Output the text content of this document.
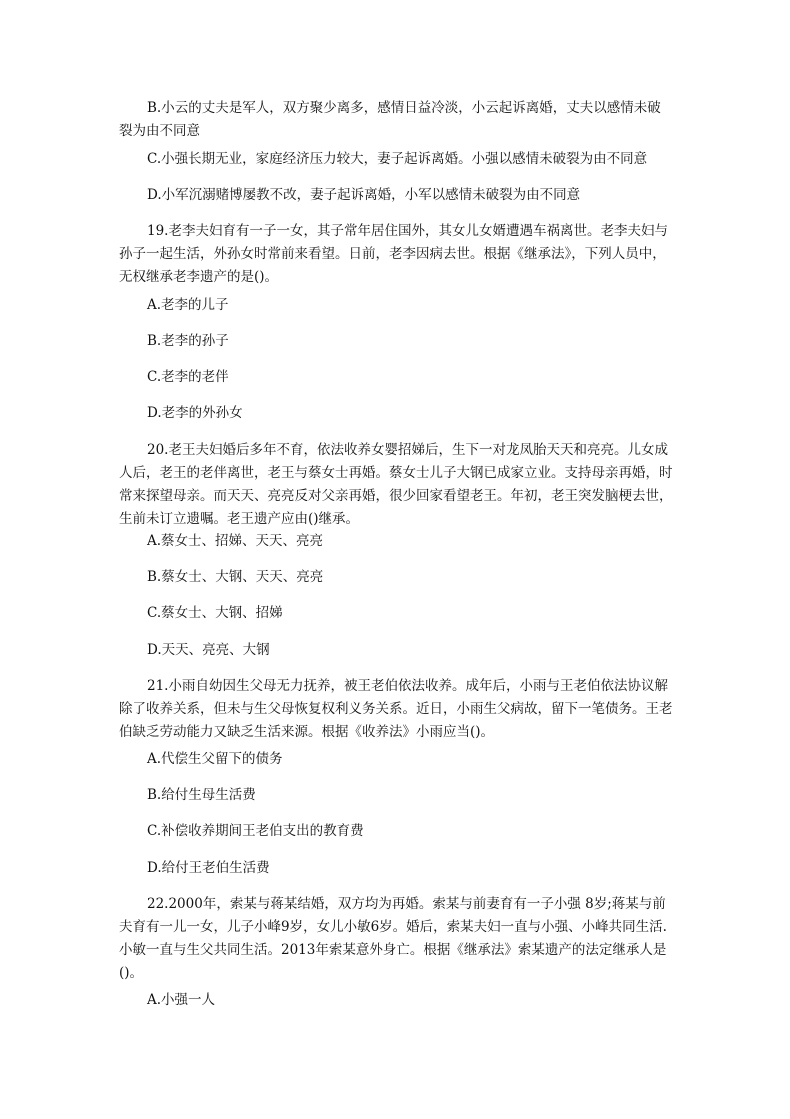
B.小云的丈夫是军人，双方聚少离多，感情日益冷淡，小云起诉离婚，丈夫以感情未破裂为由不同意

C.小强长期无业，家庭经济压力较大，妻子起诉离婚。小强以感情未破裂为由不同意

D.小军沉溺赌博屡教不改，妻子起诉离婚，小军以感情未破裂为由不同意

19.老李夫妇育有一子一女，其子常年居住国外，其女儿女婿遭遇车祸离世。老李夫妇与孙子一起生活，外孙女时常前来看望。日前，老李因病去世。根据《继承法》，下列人员中，无权继承老李遗产的是()。

A.老李的儿子

B.老李的孙子

C.老李的老伴

D.老李的外孙女

20.老王夫妇婚后多年不育，依法收养女婴招娣后，生下一对龙凤胎天天和亮亮。儿女成人后，老王的老伴离世，老王与蔡女士再婚。蔡女士儿子大钢已成家立业。支持母亲再婚，时常来探望母亲。而天天、亮亮反对父亲再婚，很少回家看望老王。年初，老王突发脑梗去世，生前未订立遗嘱。老王遗产应由()继承。

A.蔡女士、招娣、天天、亮亮

B.蔡女士、大钢、天天、亮亮

C.蔡女士、大钢、招娣

D.天天、亮亮、大钢

21.小雨自幼因生父母无力抚养，被王老伯依法收养。成年后，小雨与王老伯依法协议解除了收养关系，但未与生父母恢复权利义务关系。近日，小雨生父病故，留下一笔债务。王老伯缺乏劳动能力又缺乏生活来源。根据《收养法》小雨应当()。

A.代偿生父留下的债务

B.给付生母生活费

C.补偿收养期间王老伯支出的教育费

D.给付王老伯生活费

22.2000年，索某与蒋某结婚，双方均为再婚。索某与前妻育有一子小强 8岁;蒋某与前夫育有一儿一女，儿子小峰9岁，女儿小敏6岁。婚后，索某夫妇一直与小强、小峰共同生活.小敏一直与生父共同生活。2013年索某意外身亡。根据《继承法》索某遗产的法定继承人是()。

A.小强一人
